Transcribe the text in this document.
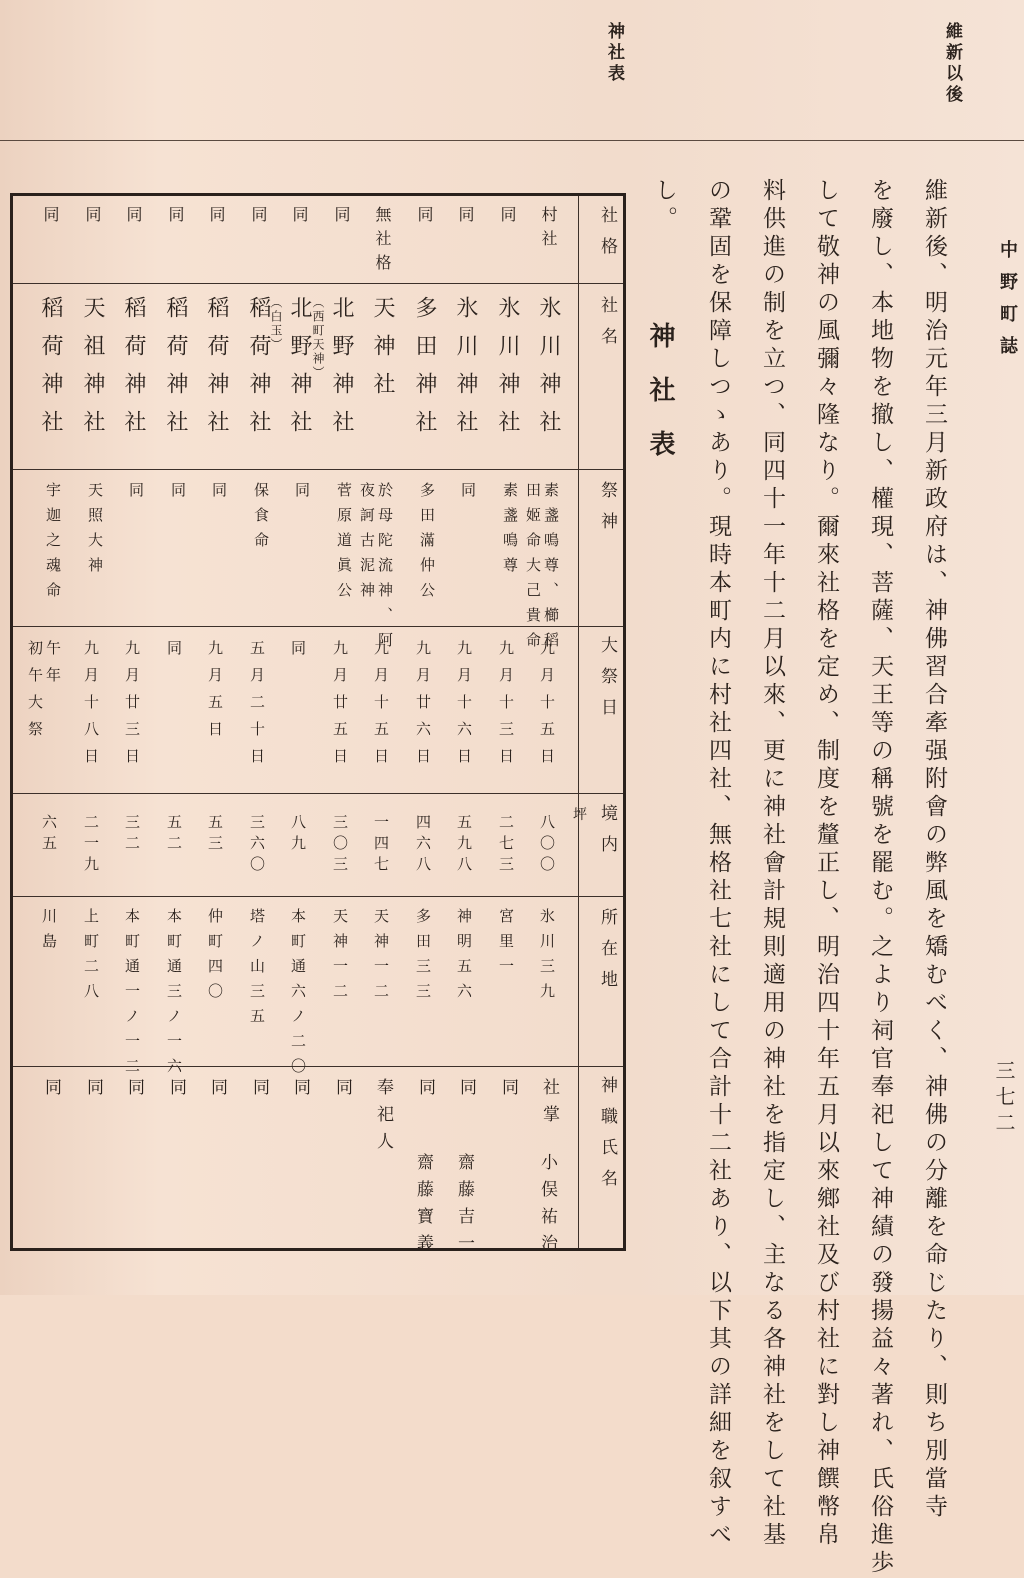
神社表	維新以後
中野町誌
三七二
維新後、明治元年三月新政府は、神佛習合牽强附會の弊風を矯むべく、神佛の分離を命じたり、則ち別當寺
を廢し、本地物を撤し、權現、菩薩、天王等の稱號を罷む。之より祠官奉祀して神績の發揚益々著れ、氏俗進歩
して敬神の風彌々隆なり。爾來社格を定め、制度を釐正し、明治四十年五月以來鄉社及び村社に對し神饌幣帛
料供進の制を立つ、同四十一年十二月以來、更に神社會計規則適用の神社を指定し、主なる各神社をして社基
の鞏固を保障しつゝあり。現時本町内に村社四社、無格社七社にして合計十二社あり、以下其の詳細を叙すべ
し。
神社表
社格
社名
祭神
大祭日
境内
所在地
神職氏名
坪
村社
氷川神社
素盞鳴尊、櫛稻
田姬命大己貴命
九月十五日
八〇〇
氷川三九
社掌
小俣祐治
同
氷川神社
素盞鳴尊
九月十三日
二七三
宮里一
同
同
氷川神社
同
九月十六日
五九八
神明五六
同
齋藤吉一
同
多田神社
多田滿仲公
九月廿六日
四六八
多田三三
同
齋藤寶義
無社格
天神社
於母陀流神、阿
夜訶古泥神
九月十五日
一四七
天神一二
奉祀人
同
北野神社
（西町天神）
菅原道眞公
九月廿五日
三〇三
天神一二
同
同
北野神社
（白玉）
同
同
八九
本町通六ノ二〇
同
同
稻荷神社
保食命
五月二十日
三六〇
塔ノ山三五
同
同
稻荷神社
同
九月五日
五三
仲町四〇
同
同
稻荷神社
同
同
五二
本町通三ノ一六
同
同
稻荷神社
同
九月廿三日
三二
本町通一ノ一二
同
同
天祖神社
天照大神
九月十八日
二一九
上町二八
同
同
稻荷神社
宇迦之魂命
午年
初午大祭
六五
川島
同
